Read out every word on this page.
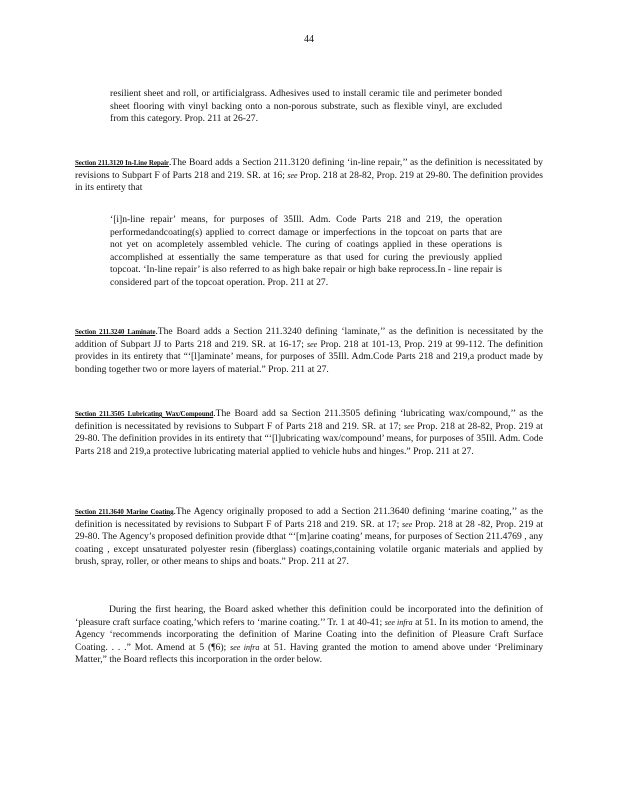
44
resilient sheet and roll, or artificialgrass. Adhesives used to install ceramic tile and perimeter bonded sheet flooring with vinyl backing onto a non-porous substrate, such as flexible vinyl, are excluded from this category. Prop. 211 at 26-27.
Section 211.3120 In-Line Repair.The Board adds a Section 211.3120 defining ‘in-line repair,’’ as the definition is necessitated by revisions to Subpart F of Parts 218 and 219. SR. at 16; see Prop. 218 at 28-82, Prop. 219 at 29-80. The definition provides in its entirety that
‘[i]n-line repair’ means, for purposes of 35Ill. Adm. Code Parts 218 and 219, the operation performedandcoating(s) applied to correct damage or imperfections in the topcoat on parts that are not yet on acompletely assembled vehicle. The curing of coatings applied in these operations is accomplished at essentially the same temperature as that used for curing the previously applied topcoat. ‘In-line repair’ is also referred to as high bake repair or high bake reprocess.In - line repair is considered part of the topcoat operation. Prop. 211 at 27.
Section 211.3240 Laminate.The Board adds a Section 211.3240 defining ‘laminate,’’ as the definition is necessitated by the addition of Subpart JJ to Parts 218 and 219. SR. at 16-17; see Prop. 218 at 101-13, Prop. 219 at 99-112. The definition provides in its entirety that “‘[l]aminate’ means, for purposes of 35Ill. Adm.Code Parts 218 and 219,a product made by bonding together two or more layers of material.” Prop. 211 at 27.
Section 211.3505 Lubricating Wax/Compound.The Board add sa Section 211.3505 defining ‘lubricating wax/compound,’’ as the definition is necessitated by revisions to Subpart F of Parts 218 and 219. SR. at 17; see Prop. 218 at 28-82, Prop. 219 at 29-80. The definition provides in its entirety that “‘[l]ubricating wax/compound’ means, for purposes of 35Ill. Adm. Code Parts 218 and 219,a protective lubricating material applied to vehicle hubs and hinges.” Prop. 211 at 27.
Section 211.3640 Marine Coating.The Agency originally proposed to add a Section 211.3640 defining ‘marine coating,’’ as the definition is necessitated by revisions to Subpart F of Parts 218 and 219. SR. at 17; see Prop. 218 at 28 -82, Prop. 219 at 29-80. The Agency’s proposed definition provide dthat “‘[m]arine coating’ means, for purposes of Section 211.4769 , any coating , except unsaturated polyester resin (fiberglass) coatings,containing volatile organic materials and applied by brush, spray, roller, or other means to ships and boats.” Prop. 211 at 27.
During the first hearing, the Board asked whether this definition could be incorporated into the definition of ‘pleasure craft surface coating,’which refers to ‘marine coating.’’ Tr. 1 at 40-41; see infra at 51. In its motion to amend, the Agency ‘recommends incorporating the definition of Marine Coating into the definition of Pleasure Craft Surface Coating. . . .” Mot. Amend at 5 (¶6); see infra at 51. Having granted the motion to amend above under ‘Preliminary Matter,” the Board reflects this incorporation in the order below.
